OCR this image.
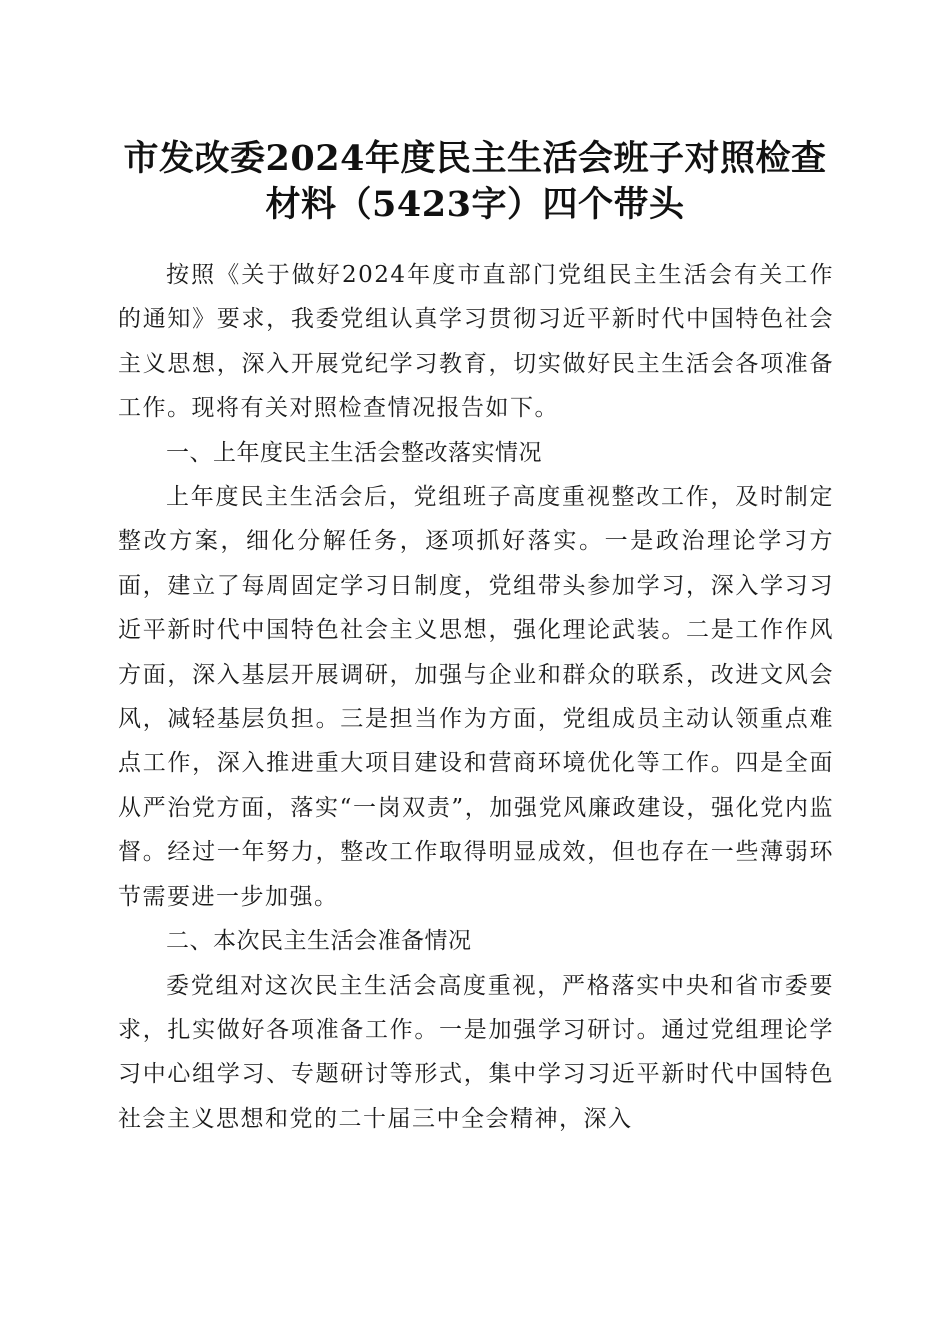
市发改委2024年度民主生活会班子对照检查
材料（5423字）四个带头

按照《关于做好2024年度市直部门党组民主生活会有关工作的通知》要求，我委党组认真学习贯彻习近平新时代中国特色社会主义思想，深入开展党纪学习教育，切实做好民主生活会各项准备工作。现将有关对照检查情况报告如下。

一、上年度民主生活会整改落实情况

上年度民主生活会后，党组班子高度重视整改工作，及时制定整改方案，细化分解任务，逐项抓好落实。一是政治理论学习方面，建立了每周固定学习日制度，党组带头参加学习，深入学习习近平新时代中国特色社会主义思想，强化理论武装。二是工作作风方面，深入基层开展调研，加强与企业和群众的联系，改进文风会风，减轻基层负担。三是担当作为方面，党组成员主动认领重点难点工作，深入推进重大项目建设和营商环境优化等工作。四是全面从严治党方面，落实“一岗双责”，加强党风廉政建设，强化党内监督。经过一年努力，整改工作取得明显成效，但也存在一些薄弱环节需要进一步加强。

二、本次民主生活会准备情况

委党组对这次民主生活会高度重视，严格落实中央和省市委要求，扎实做好各项准备工作。一是加强学习研讨。通过党组理论学习中心组学习、专题研讨等形式，集中学习习近平新时代中国特色社会主义思想和党的二十届三中全会精神，深入
